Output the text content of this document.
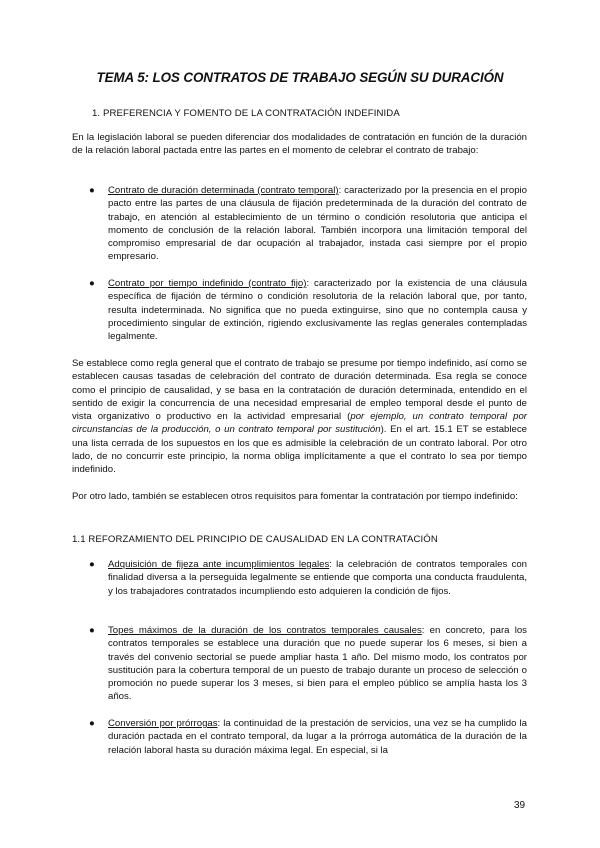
TEMA 5: LOS CONTRATOS DE TRABAJO SEGÚN SU DURACIÓN
1. PREFERENCIA Y FOMENTO DE LA CONTRATACIÓN INDEFINIDA

En la legislación laboral se pueden diferenciar dos modalidades de contratación en función de la duración de la relación laboral pactada entre las partes en el momento de celebrar el contrato de trabajo:

● Contrato de duración determinada (contrato temporal): caracterizado por la presencia en el propio pacto entre las partes de una cláusula de fijación predeterminada de la duración del contrato de trabajo, en atención al establecimiento de un término o condición resolutoria que anticipa el momento de conclusión de la relación laboral. También incorpora una limitación temporal del compromiso empresarial de dar ocupación al trabajador, instada casi siempre por el propio empresario.

● Contrato por tiempo indefinido (contrato fijo): caracterizado por la existencia de una cláusula específica de fijación de término o condición resolutoria de la relación laboral que, por tanto, resulta indeterminada. No significa que no pueda extinguirse, sino que no contempla causa y procedimiento singular de extinción, rigiendo exclusivamente las reglas generales contempladas legalmente.

Se establece como regla general que el contrato de trabajo se presume por tiempo indefinido, así como se establecen causas tasadas de celebración del contrato de duración determinada. Esa regla se conoce como el principio de causalidad, y se basa en la contratación de duración determinada, entendido en el sentido de exigir la concurrencia de una necesidad empresarial de empleo temporal desde el punto de vista organizativo o productivo en la actividad empresarial (por ejemplo, un contrato temporal por circunstancias de la producción, o un contrato temporal por sustitución). En el art. 15.1 ET se establece una lista cerrada de los supuestos en los que es admisible la celebración de un contrato laboral. Por otro lado, de no concurrir este principio, la norma obliga implícitamente a que el contrato lo sea por tiempo indefinido.

Por otro lado, también se establecen otros requisitos para fomentar la contratación por tiempo indefinido:

1.1 REFORZAMIENTO DEL PRINCIPIO DE CAUSALIDAD EN LA CONTRATACIÓN

● Adquisición de fijeza ante incumplimientos legales: la celebración de contratos temporales con finalidad diversa a la perseguida legalmente se entiende que comporta una conducta fraudulenta, y los trabajadores contratados incumpliendo esto adquieren la condición de fijos.

● Topes máximos de la duración de los contratos temporales causales: en concreto, para los contratos temporales se establece una duración que no puede superar los 6 meses, si bien a través del convenio sectorial se puede ampliar hasta 1 año. Del mismo modo, los contratos por sustitución para la cobertura temporal de un puesto de trabajo durante un proceso de selección o promoción no puede superar los 3 meses, si bien para el empleo público se amplía hasta los 3 años.

● Conversión por prórrogas: la continuidad de la prestación de servicios, una vez se ha cumplido la duración pactada en el contrato temporal, da lugar a la prórroga automática de la duración de la relación laboral hasta su duración máxima legal. En especial, si la

39
